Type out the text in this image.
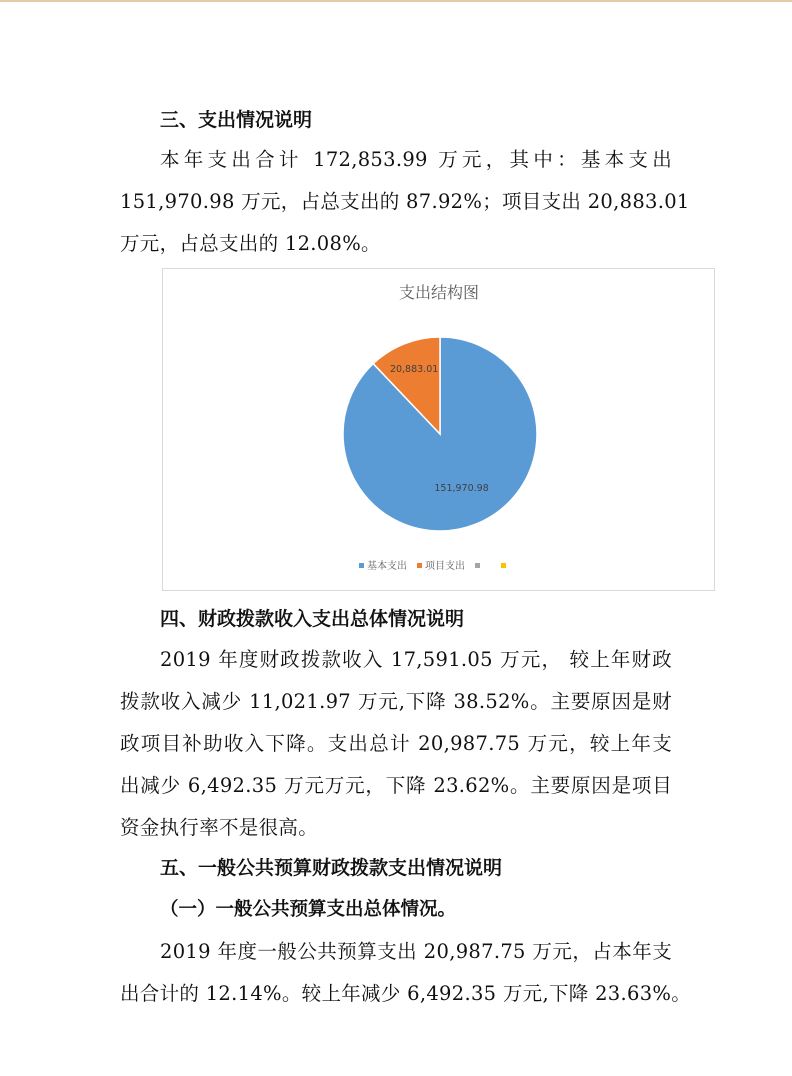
三、支出情况说明
本年支出合计 172,853.99 万元，其中：基本支出
151,970.98 万元，占总支出的 87.92%；项目支出 20,883.01
万元，占总支出的 12.08%。
支出结构图
151,970.98
20,883.01
基本支出 项目支出
四、财政拨款收入支出总体情况说明
2019 年度财政拨款收入 17,591.05 万元， 较上年财政
拨款收入减少 11,021.97 万元,下降 38.52%。主要原因是财
政项目补助收入下降。支出总计 20,987.75 万元，较上年支
出减少 6,492.35 万元万元，下降 23.62%。主要原因是项目
资金执行率不是很高。
五、一般公共预算财政拨款支出情况说明
（一）一般公共预算支出总体情况。
2019 年度一般公共预算支出 20,987.75 万元，占本年支
出合计的 12.14%。较上年减少 6,492.35 万元,下降 23.63%。
